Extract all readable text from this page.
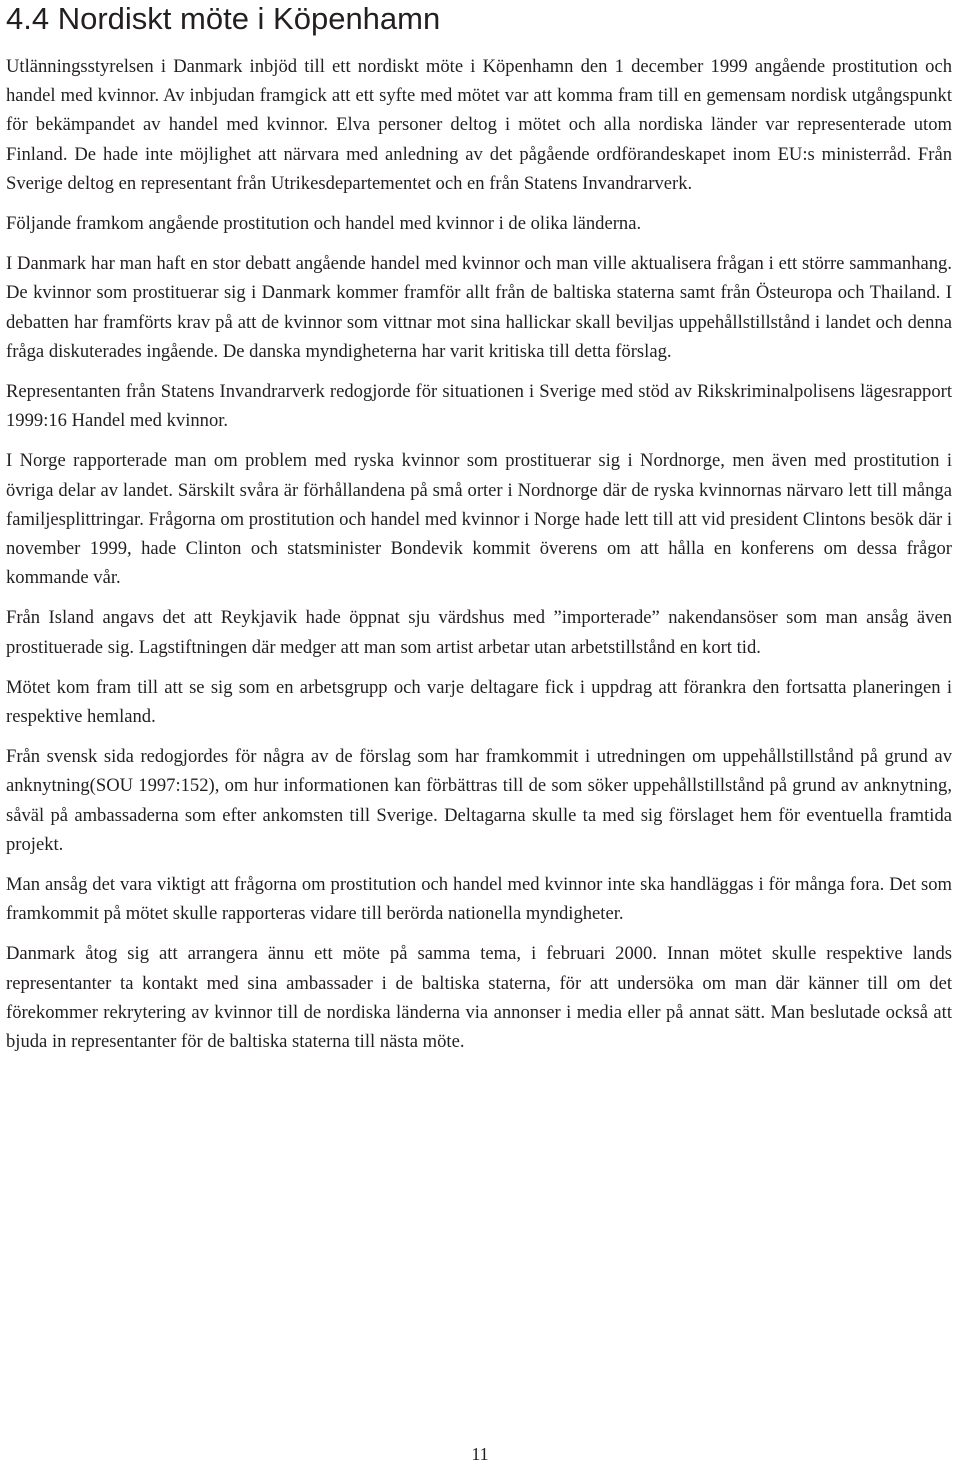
4.4 Nordiskt möte i Köpenhamn

Utlänningsstyrelsen i Danmark inbjöd till ett nordiskt möte i Köpenhamn den 1 december 1999 angående prostitution och handel med kvinnor. Av inbjudan framgick att ett syfte med mötet var att komma fram till en gemensam nordisk utgångspunkt för bekämpandet av handel med kvinnor. Elva personer deltog i mötet och alla nordiska länder var representerade utom Finland. De hade inte möjlighet att närvara med anledning av det pågående ordförandeskapet inom EU:s ministerråd. Från Sverige deltog en representant från Utrikesdepartementet och en från Statens Invandrarverk.

Följande framkom angående prostitution och handel med kvinnor i de olika länderna.

I Danmark har man haft en stor debatt angående handel med kvinnor och man ville aktualisera frågan i ett större sammanhang. De kvinnor som prostituerar sig i Danmark kommer framför allt från de baltiska staterna samt från Östeuropa och Thailand. I debatten har framförts krav på att de kvinnor som vittnar mot sina hallickar skall beviljas uppehållstillstånd i landet och denna fråga diskuterades ingående. De danska myndigheterna har varit kritiska till detta förslag.

Representanten från Statens Invandrarverk redogjorde för situationen i Sverige med stöd av Rikskriminalpolisens lägesrapport 1999:16 Handel med kvinnor.

I Norge rapporterade man om problem med ryska kvinnor som prostituerar sig i Nordnorge, men även med prostitution i övriga delar av landet. Särskilt svåra är förhållandena på små orter i Nordnorge där de ryska kvinnornas närvaro lett till många familjesplittringar. Frågorna om prostitution och handel med kvinnor i Norge hade lett till att vid president Clintons besök där i november 1999, hade Clinton och statsminister Bondevik kommit överens om att hålla en konferens om dessa frågor kommande vår.

Från Island angavs det att Reykjavik hade öppnat sju värdshus med ”importerade” nakendansöser som man ansåg även prostituerade sig. Lagstiftningen där medger att man som artist arbetar utan arbetstillstånd en kort tid.

Mötet kom fram till att se sig som en arbetsgrupp och varje deltagare fick i uppdrag att förankra den fortsatta planeringen i respektive hemland.

Från svensk sida redogjordes för några av de förslag som har framkommit i utredningen om uppehållstillstånd på grund av anknytning(SOU 1997:152), om hur informationen kan förbättras till de som söker uppehållstillstånd på grund av anknytning, såväl på ambassaderna som efter ankomsten till Sverige. Deltagarna skulle ta med sig förslaget hem för eventuella framtida projekt.

Man ansåg det vara viktigt att frågorna om prostitution och handel med kvinnor inte ska handläggas i för många fora. Det som framkommit på mötet skulle rapporteras vidare till berörda nationella myndigheter.

Danmark åtog sig att arrangera ännu ett möte på samma tema, i februari 2000. Innan mötet skulle respektive lands representanter ta kontakt med sina ambassader i de baltiska staterna, för att undersöka om man där känner till om det förekommer rekrytering av kvinnor till de nordiska länderna via annonser i media eller på annat sätt. Man beslutade också att bjuda in representanter för de baltiska staterna till nästa möte.

11
